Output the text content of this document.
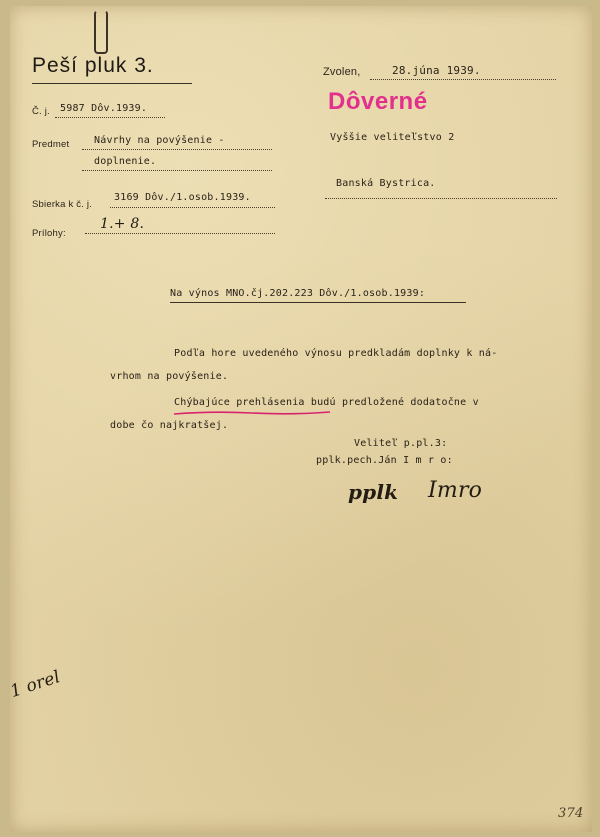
Peší pluk 3.	Zvolen,	28.júna 1939.
Dôverné
Č. j. 5987 Dôv.1939.
Predmet Návrhy na povýšenie -
doplnenie.
Sbierka k č. j.
3169 Dôv./1.osob.1939.
Prílohy:
1.+ 8.
Vyššie veliteľstvo 2
Banská Bystrica.
Na výnos MNO.čj.202.223 Dôv./1.osob.1939:
Podľa hore uvedeného výnosu predkladám doplnky k ná-
vrhom na povýšenie.
Chýbajúce prehlásenia budú predložené dodatočne v
dobe čo najkratšej.
Veliteľ p.pl.3:
pplk.pech.Ján I m r o:
pplk Imro
1 orel
374
